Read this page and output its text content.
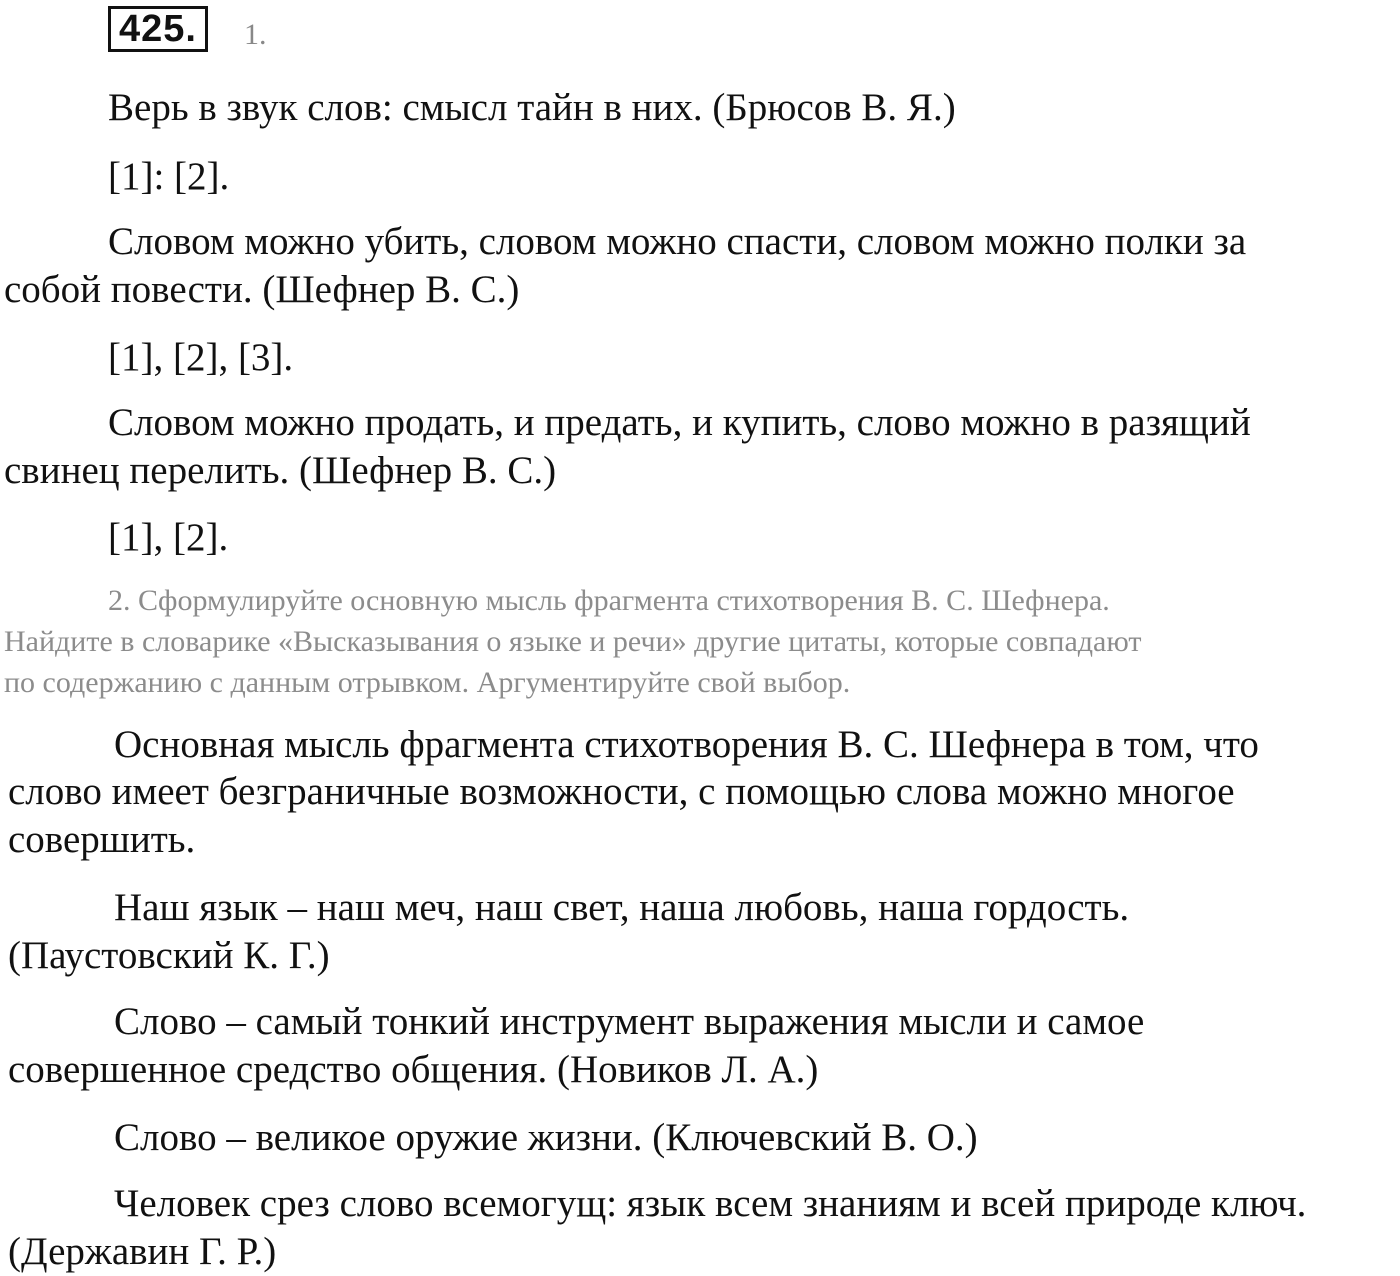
425.	1.
Верь в звук слов: смысл тайн в них. (Брюсов В. Я.)
[1]: [2].
Словом можно убить, словом можно спасти, словом можно полки за
собой повести. (Шефнер В. С.)
[1], [2], [3].
Словом можно продать, и предать, и купить, слово можно в разящий
свинец перелить. (Шефнер В. С.)
[1], [2].
2. Сформулируйте основную мысль фрагмента стихотворения В. С. Шефнера.
Найдите в словарике «Высказывания о языке и речи» другие цитаты, которые совпадают
по содержанию с данным отрывком. Аргументируйте свой выбор.
Основная мысль фрагмента стихотворения В. С. Шефнера в том, что
слово имеет безграничные возможности, с помощью слова можно многое
совершить.
Наш язык – наш меч, наш свет, наша любовь, наша гордость.
(Паустовский К. Г.)
Слово – самый тонкий инструмент выражения мысли и самое
совершенное средство общения. (Новиков Л. А.)
Слово – великое оружие жизни. (Ключевский В. О.)
Человек срез слово всемогущ: язык всем знаниям и всей природе ключ.
(Державин Г. Р.)
